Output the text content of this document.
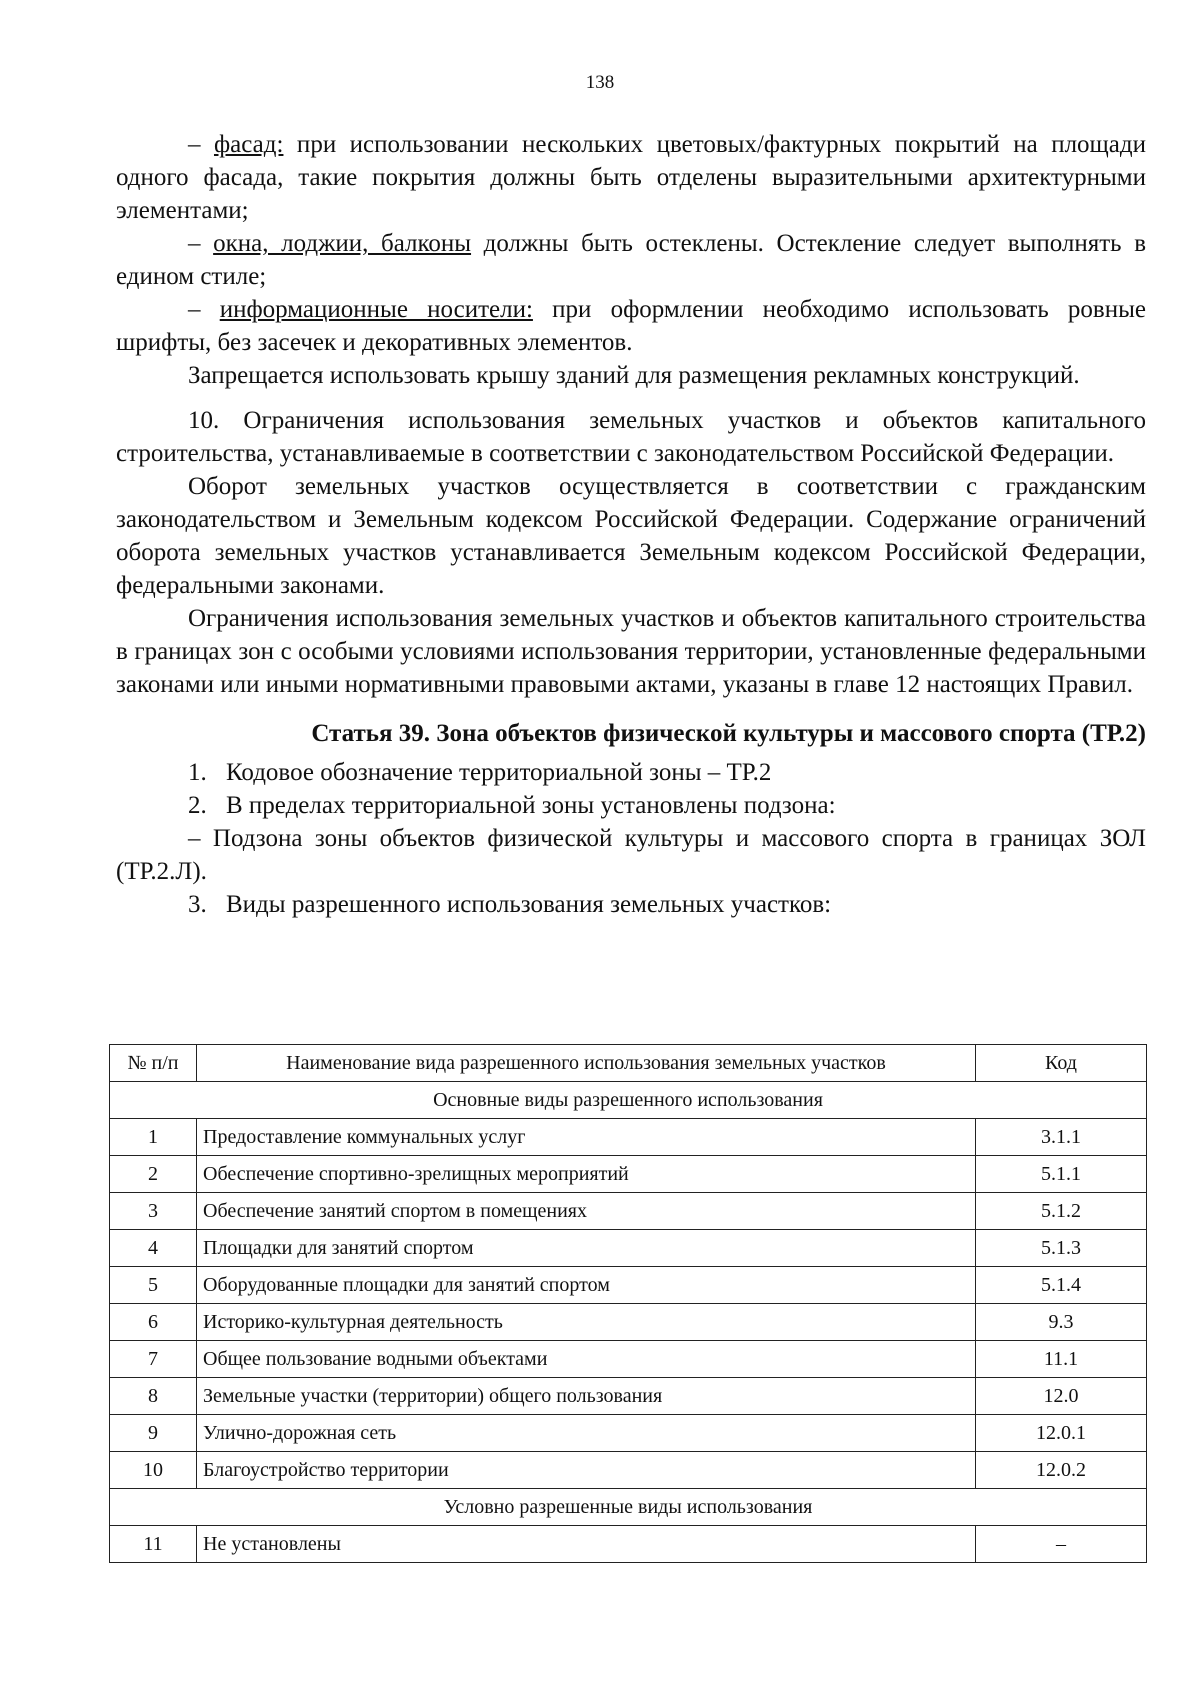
138

– фасад: при использовании нескольких цветовых/фактурных покрытий на площади одного фасада, такие покрытия должны быть отделены выразительными архитектурными элементами;

– окна, лоджии, балконы должны быть остеклены. Остекление следует выполнять в едином стиле;

– информационные носители: при оформлении необходимо использовать ровные шрифты, без засечек и декоративных элементов.

Запрещается использовать крышу зданий для размещения рекламных конструкций.

10. Ограничения использования земельных участков и объектов капитального строительства, устанавливаемые в соответствии с законодательством Российской Федерации.

Оборот земельных участков осуществляется в соответствии с гражданским законодательством и Земельным кодексом Российской Федерации. Содержание ограничений оборота земельных участков устанавливается Земельным кодексом Российской Федерации, федеральными законами.

Ограничения использования земельных участков и объектов капитального строительства в границах зон с особыми условиями использования территории, установленные федеральными законами или иными нормативными правовыми актами, указаны в главе 12 настоящих Правил.

Статья 39. Зона объектов физической культуры и массового спорта (ТР.2)
1. Кодовое обозначение территориальной зоны – ТР.2
2. В пределах территориальной зоны установлены подзона:

– Подзона зоны объектов физической культуры и массового спорта в границах ЗОЛ (ТР.2.Л).

3. Виды разрешенного использования земельных участков:
№ п/п	Наименование вида разрешенного использования земельных участков	Код
Основные виды разрешенного использования		
1	Предоставление коммунальных услуг	3.1.1
2	Обеспечение спортивно-зрелищных мероприятий	5.1.1
3	Обеспечение занятий спортом в помещениях	5.1.2
4	Площадки для занятий спортом	5.1.3
5	Оборудованные площадки для занятий спортом	5.1.4
6	Историко-культурная деятельность	9.3
7	Общее пользование водными объектами	11.1
8	Земельные участки (территории) общего пользования	12.0
9	Улично-дорожная сеть	12.0.1
10	Благоустройство территории	12.0.2
Условно разрешенные виды использования		
11	Не установлены	–
